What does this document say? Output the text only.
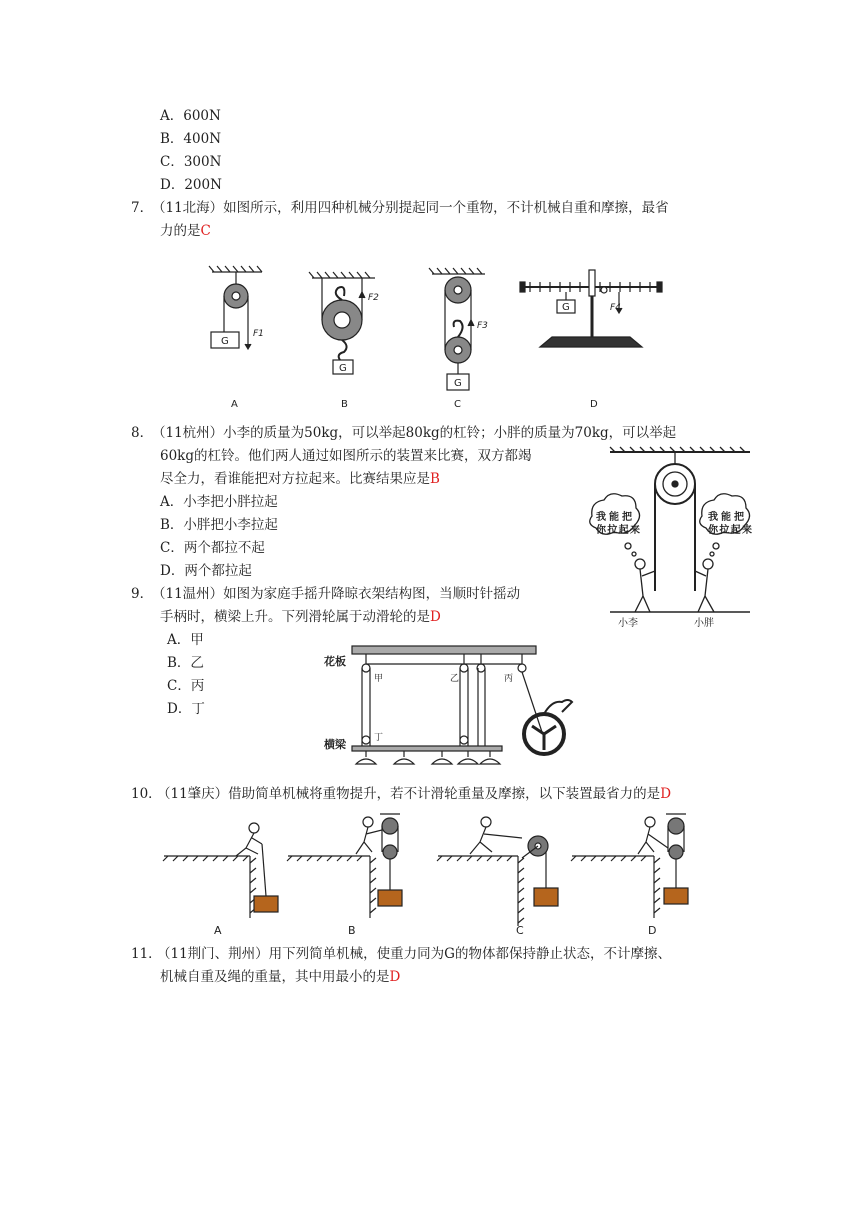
A．600N
B．400N
C．300N
D．200N
7．
（11北海）如图所示，利用四种机械分别提起同一个重物，不计机械自重和摩擦，最省
力的是C
G
G
G
G
F1
F2
F3
F4
A	B	C	D
8．
（11杭州）小李的质量为50kg，可以举起80kg的杠铃；小胖的质量为70kg，可以举起
60kg的杠铃。他们两人通过如图所示的装置来比赛，双方都竭
尽全力，看谁能把对方拉起来。比赛结果应是B
A．小李把小胖拉起
B．小胖把小李拉起
C．两个都拉不起
D．两个都拉起
我能把
你拉起来
我能把
你拉起来
小李	小胖
9．
（11温州）如图为家庭手摇升降晾衣架结构图，当顺时针摇动
手柄时，横梁上升。下列滑轮属于动滑轮的是D
A．甲
B．乙
C．丙
D．丁
花板
横梁
甲	乙	丙
丁
10．
（11肇庆）借助简单机械将重物提升，若不计滑轮重量及摩擦，以下装置最省力的是D
A	B	C	D
11．
（11荆门、荆州）用下列简单机械，使重力同为G的物体都保持静止状态，不计摩擦、
机械自重及绳的重量，其中用最小的是D
